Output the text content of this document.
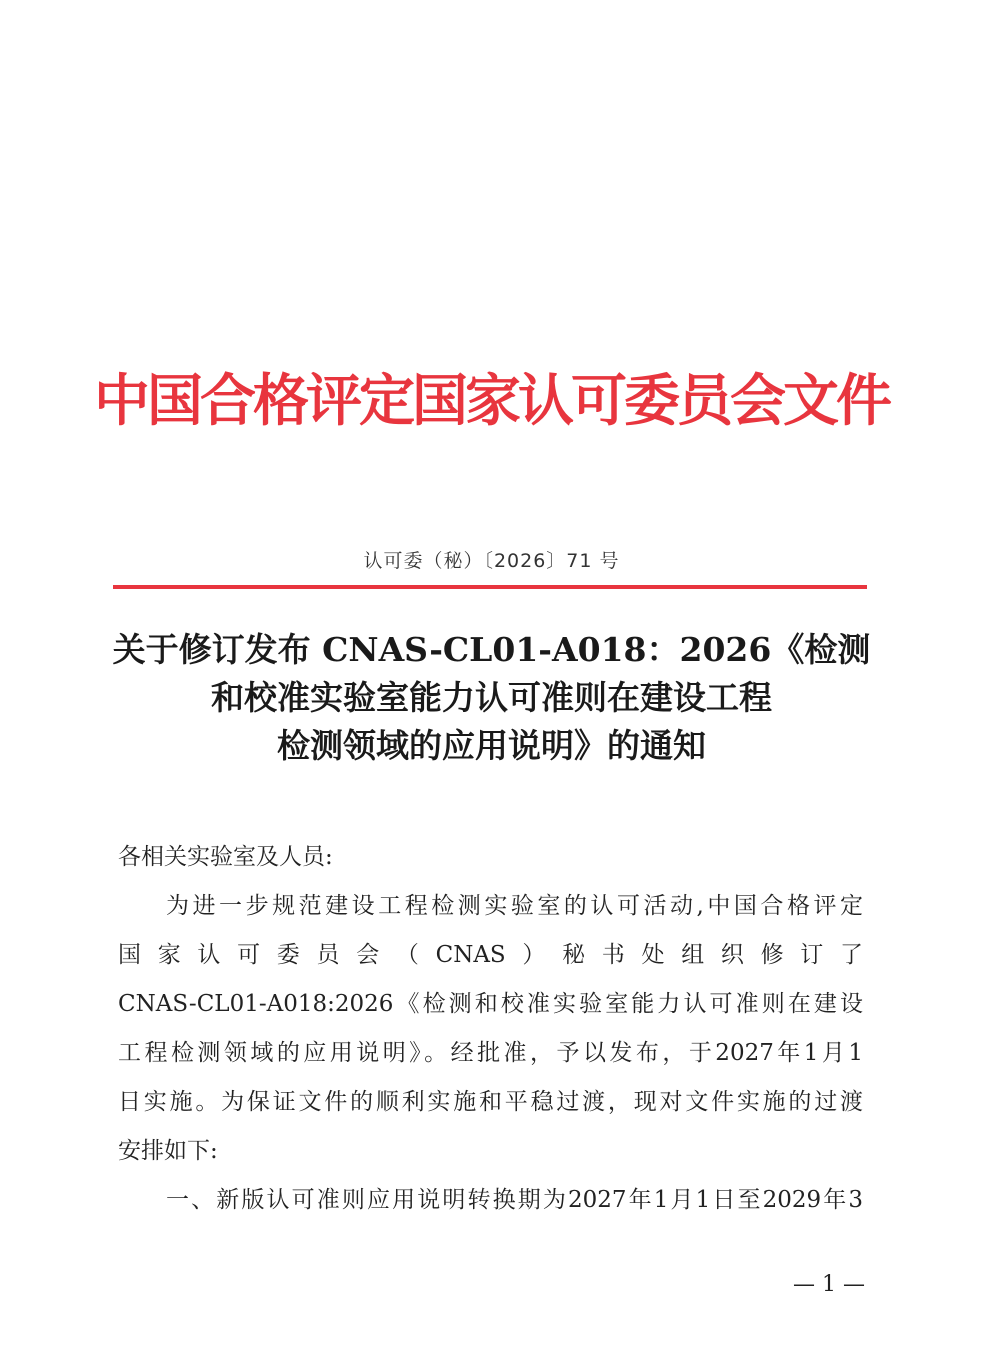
中国合格评定国家认可委员会文件
认可委（秘）〔2026〕71 号
关于修订发布 CNAS-CL01-A018：2026《检测
和校准实验室能力认可准则在建设工程
检测领域的应用说明》的通知
各相关实验室及人员:
为进一步规范建设工程检测实验室的认可活动,中国合格评定
国家认可委员会（CNAS）秘书处组织修订了
CNAS-CL01-A018:2026《检测和校准实验室能力认可准则在建设
工程检测领域的应用说明》。经批准，予以发布，于2027年1月1
日实施。为保证文件的顺利实施和平稳过渡，现对文件实施的过渡
安排如下:
一、新版认可准则应用说明转换期为2027年1月1日至2029年3
— 1 —
